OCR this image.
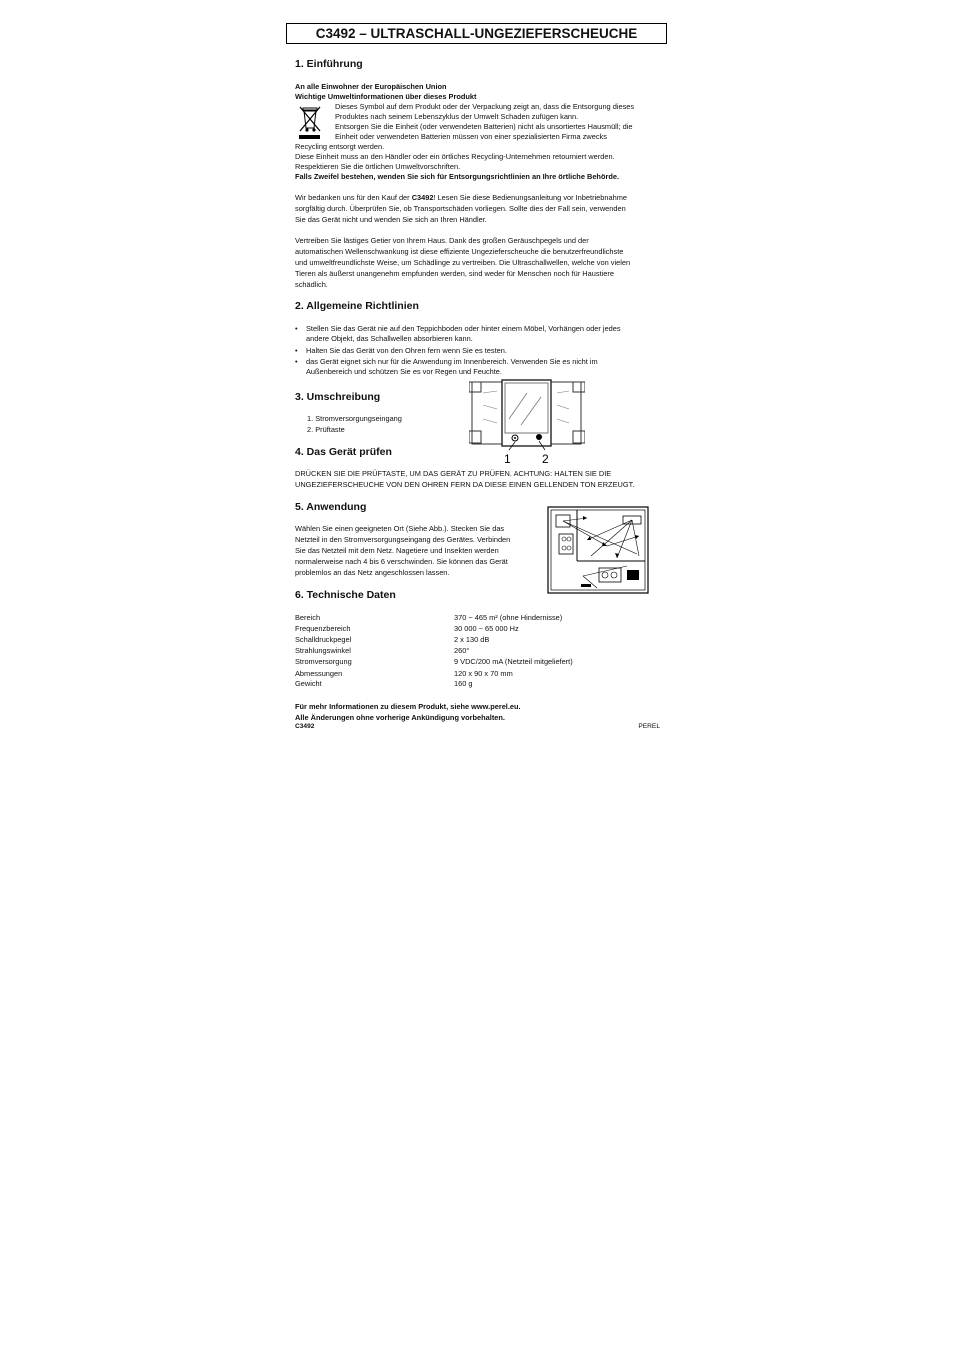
C3492 – ULTRASCHALL-UNGEZIEFERSCHEUCHE
1. Einführung
An alle Einwohner der Europäischen Union
Wichtige Umweltinformationen über dieses Produkt
Dieses Symbol auf dem Produkt oder der Verpackung zeigt an, dass die Entsorgung dieses
Produktes nach seinem Lebenszyklus der Umwelt Schaden zufügen kann.
Entsorgen Sie die Einheit (oder verwendeten Batterien) nicht als unsortiertes Hausmüll; die
Einheit oder verwendeten Batterien müssen von einer spezialisierten Firma zwecks
Recycling entsorgt werden.
Diese Einheit muss an den Händler oder ein örtliches Recycling-Unternehmen retourniert werden.
Respektieren Sie die örtlichen Umweltvorschriften.
Falls Zweifel bestehen, wenden Sie sich für Entsorgungsrichtlinien an Ihre örtliche Behörde.
Wir bedanken uns für den Kauf der C3492! Lesen Sie diese Bedienungsanleitung vor Inbetriebnahme
sorgfältig durch. Überprüfen Sie, ob Transportschäden vorliegen. Sollte dies der Fall sein, verwenden
Sie das Gerät nicht und wenden Sie sich an Ihren Händler.
Vertreiben Sie lästiges Getier von Ihrem Haus. Dank des großen Geräuschpegels und der
automatischen Wellenschwankung ist diese effiziente Ungezieferscheuche die benutzerfreundlichste
und umweltfreundlichste Weise, um Schädlinge zu vertreiben. Die Ultraschallwellen, welche von vielen
Tieren als äußerst unangenehm empfunden werden, sind weder für Menschen noch für Haustiere
schädlich.
2. Allgemeine Richtlinien
• Stellen Sie das Gerät nie auf den Teppichboden oder hinter einem Möbel, Vorhängen oder jedes
andere Objekt, das Schallwellen absorbieren kann.
• Halten Sie das Gerät von den Ohren fern wenn Sie es testen.
• das Gerät eignet sich nur für die Anwendung im Innenbereich. Verwenden Sie es nicht im
Außenbereich und schützen Sie es vor Regen und Feuchte.
3. Umschreibung
1. Stromversorgungseingang
2. Prüftaste
1	2
4. Das Gerät prüfen
DRÜCKEN SIE DIE PRÜFTASTE, UM DAS GERÄT ZU PRÜFEN. ACHTUNG: HALTEN SIE DIE
UNGEZIEFERSCHEUCHE VON DEN OHREN FERN DA DIESE EINEN GELLENDEN TON ERZEUGT.
5. Anwendung
Wählen Sie einen geeigneten Ort (Siehe Abb.). Stecken Sie das
Netzteil in den Stromversorgungseingang des Gerätes. Verbinden
Sie das Netzteil mit dem Netz. Nagetiere und Insekten werden
normalerweise nach 4 bis 6 verschwinden. Sie können das Gerät
problemlos an das Netz angeschlossen lassen.
6. Technische Daten
Bereich	370 ~ 465 m² (ohne Hindernisse)
Frequenzbereich	30 000 ~ 65 000 Hz
Schalldruckpegel	2 x 130 dB
Strahlungswinkel	260°
Stromversorgung	9 VDC/200 mA (Netzteil mitgeliefert)
Abmessungen	120 x 90 x 70 mm
Gewicht	160 g
Für mehr Informationen zu diesem Produkt, siehe www.perel.eu.
Alle Änderungen ohne vorherige Ankündigung vorbehalten.
C3492	PEREL
